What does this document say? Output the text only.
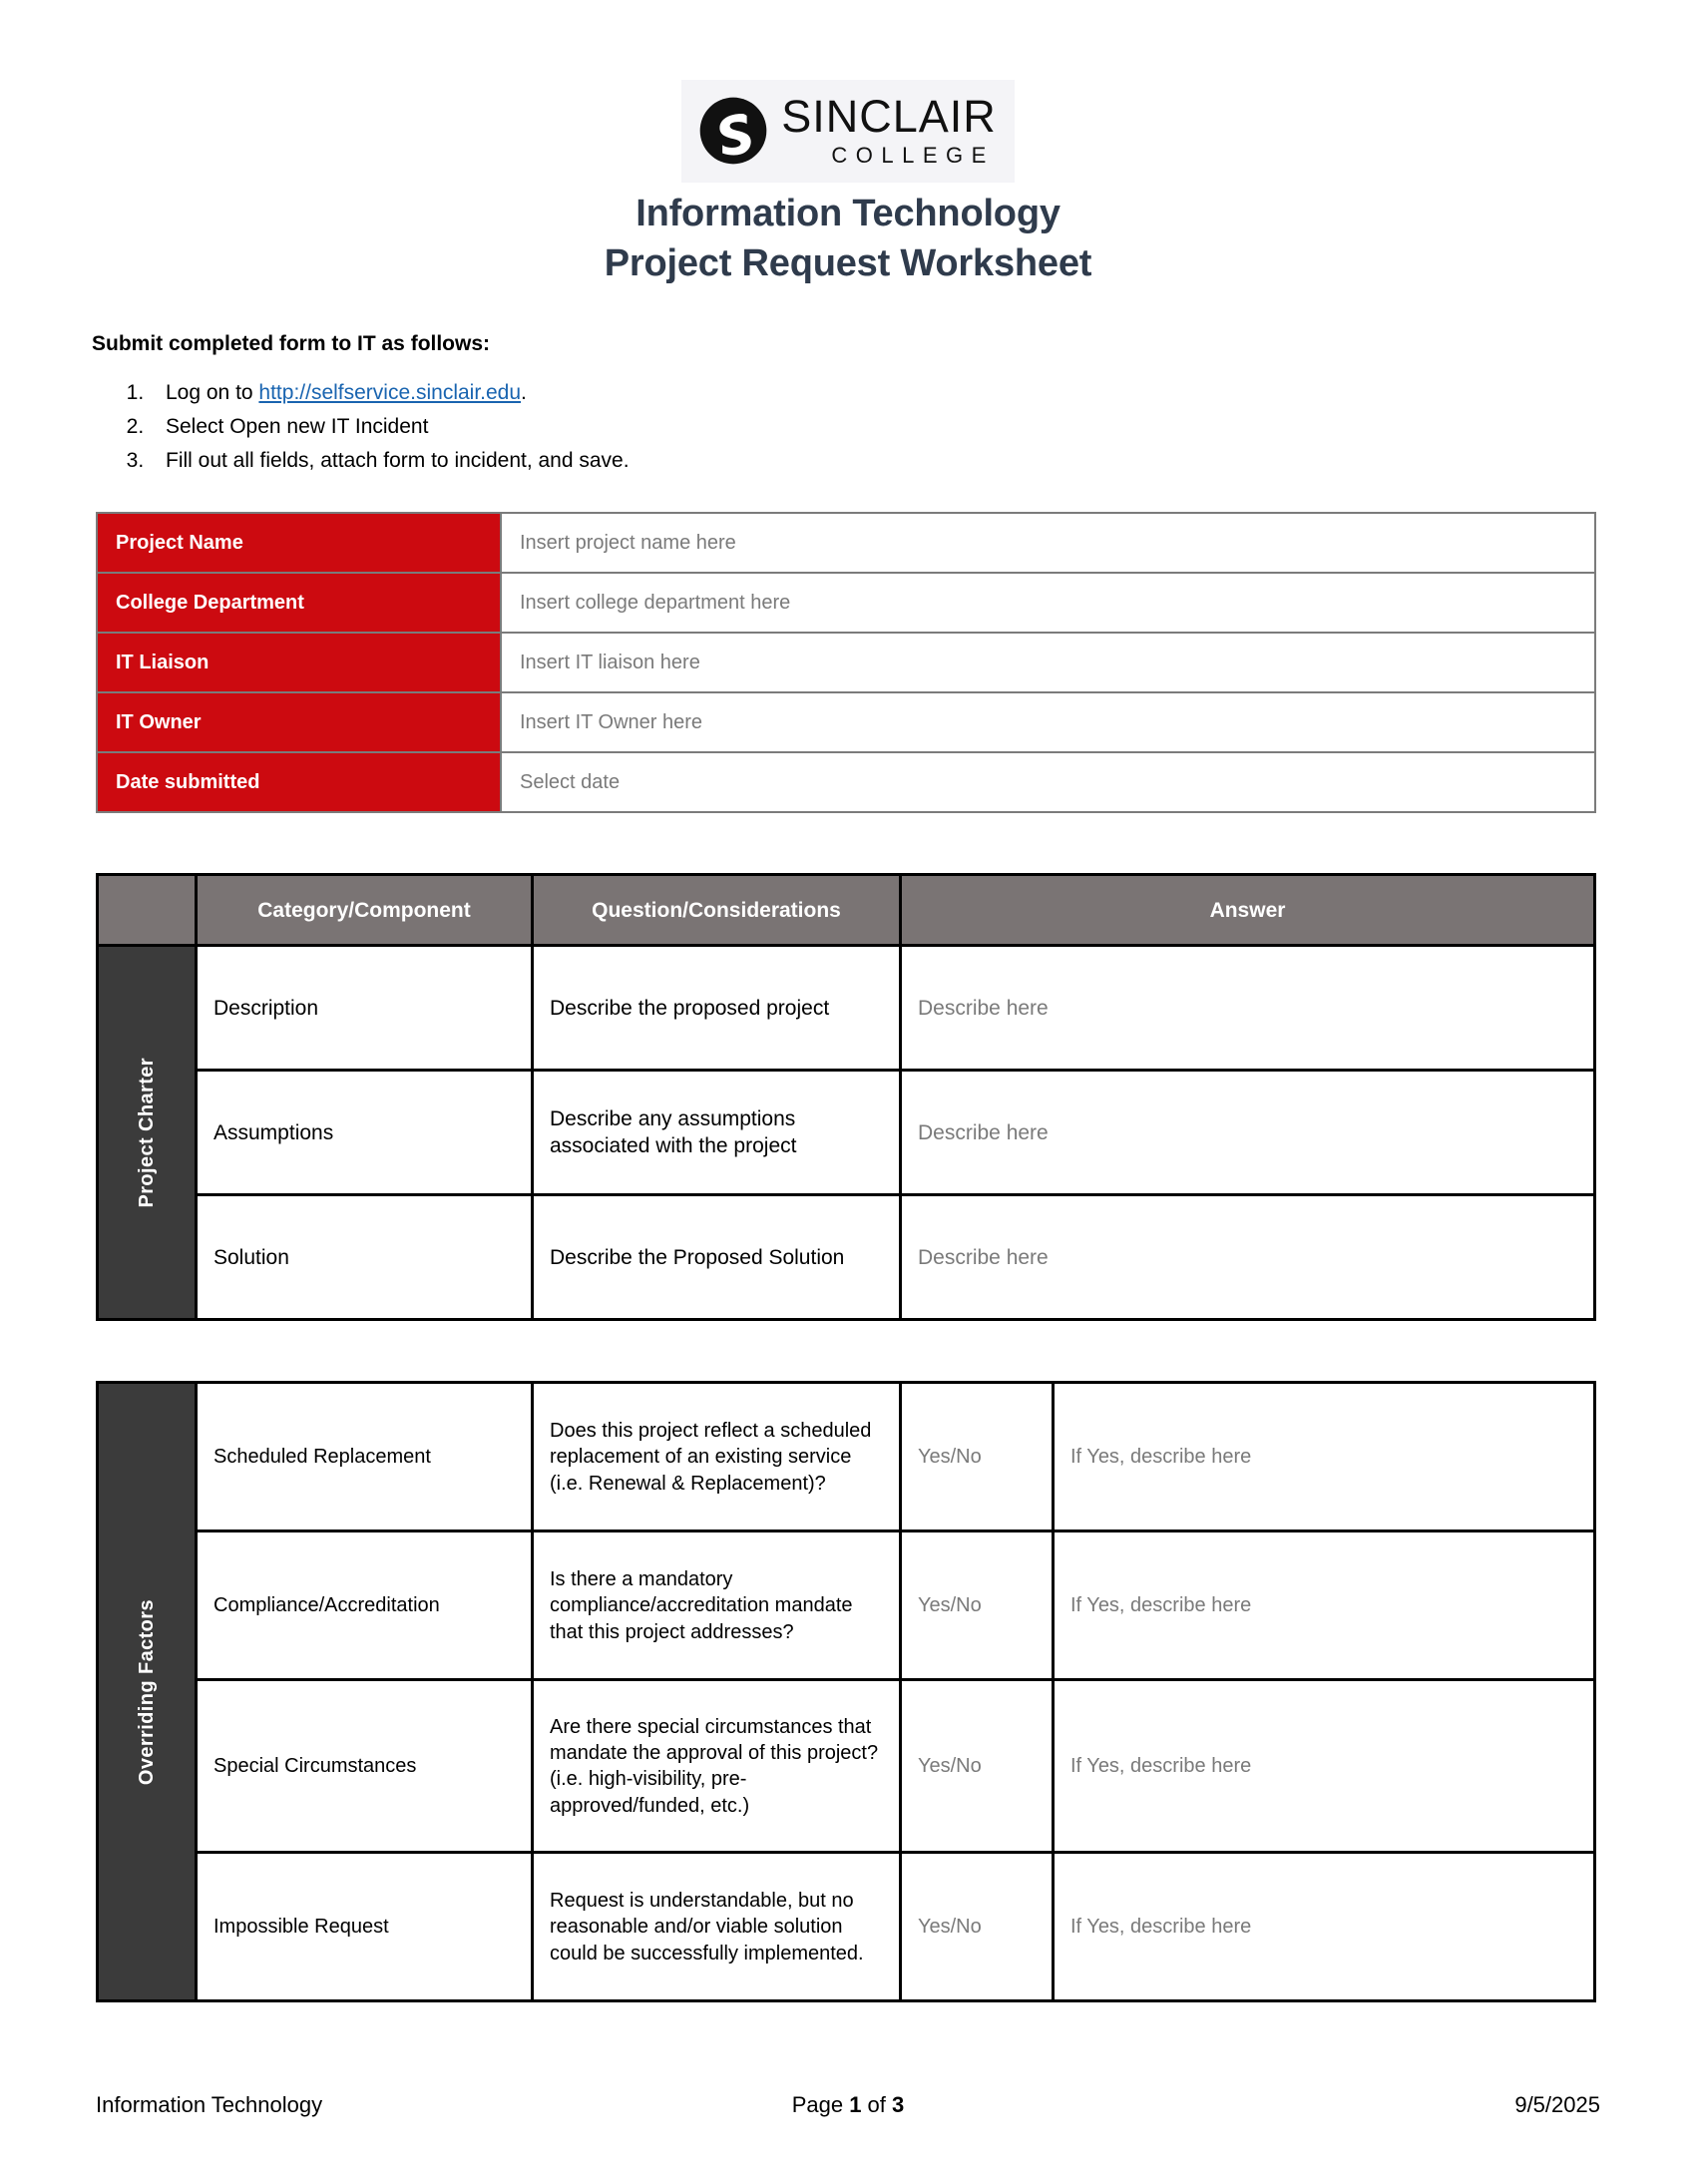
SINCLAIR
COLLEGE
Information Technology
Project Request Worksheet
Submit completed form to IT as follows:
1. Log on to http://selfservice.sinclair.edu.
2. Select Open new IT Incident
3. Fill out all fields, attach form to incident, and save.
Project Name	Insert project name here
College Department	Insert college department here
IT Liaison	Insert IT liaison here
IT Owner	Insert IT Owner here
Date submitted	Select date
	Category/Component	Question/Considerations	Answer

Project Charter	Description	Describe the proposed project	Describe here
	Assumptions	Describe any assumptions associated with the project	Describe here
	Solution	Describe the Proposed Solution	Describe here
Overriding Factors	Scheduled Replacement	Does this project reflect a scheduled replacement of an existing service (i.e. Renewal & Replacement)?	Yes/No	If Yes, describe here
	Compliance/Accreditation	Is there a mandatory compliance/accreditation mandate that this project addresses?	Yes/No	If Yes, describe here
	Special Circumstances	Are there special circumstances that mandate the approval of this project? (i.e. high-visibility, pre-approved/funded, etc.)	Yes/No	If Yes, describe here
	Impossible Request	Request is understandable, but no reasonable and/or viable solution could be successfully implemented.	Yes/No	If Yes, describe here
Information Technology	Page 1 of 3	9/5/2025
